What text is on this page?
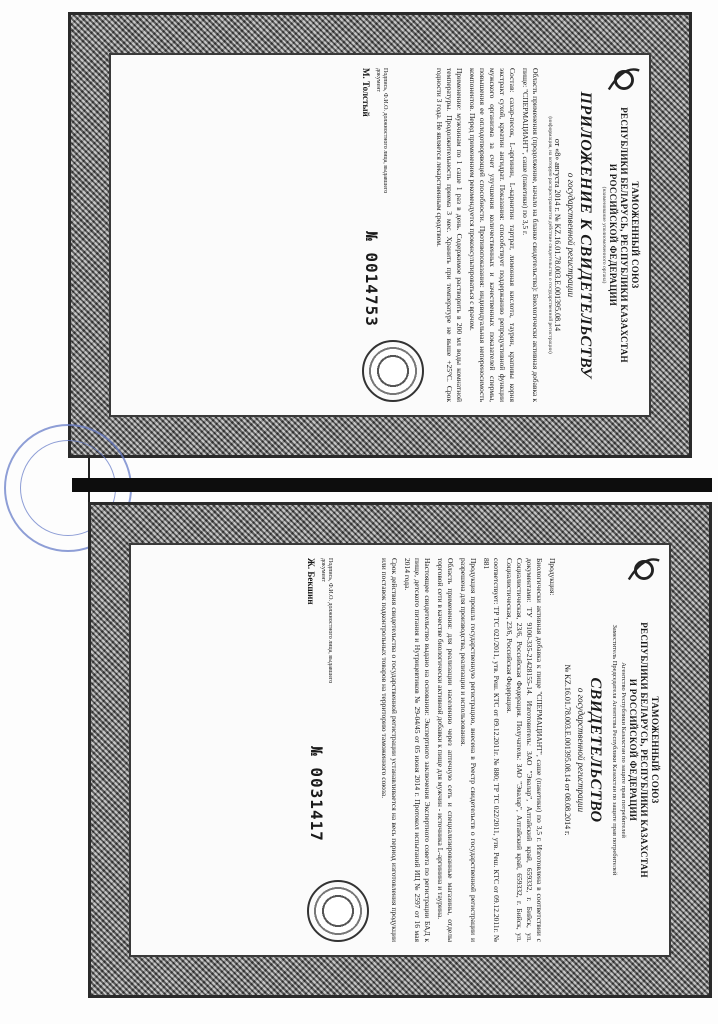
ТАМОЖЕННЫЙ СОЮЗ
РЕСПУБЛИКИ БЕЛАРУСЬ, РЕСПУБЛИКИ КАЗАХСТАН
И РОССИЙСКОЙ ФЕДЕРАЦИИ
(наименование уполномоченного органа)
ПРИЛОЖЕНИЕ К СВИДЕТЕЛЬСТВУ
о государственной регистрации
от «8» августа 2014 г. № KZ.16.01.78.003.Е.001395.08.14
(информация, на которую распространяется действие свидетельства о государственной регистрации)

Область применения (продолжение, начало на бланке свидетельства): Биологически активная добавка к пище: "СПЕРМАЦИАНТ", саше (пакетики) по 3,5 г.

Состав: сахар-песок, L-аргинин, L-карнитин тартрат, лимонная кислота, таурин, крапивы корня экстракт сухой, креатин ангидрат. Показания: способствует поддержанию репродуктивной функции мужского организма за счет улучшения количественных и качественных показателей спермы, повышения ее оплодотворяющей способности. Противопоказания: индивидуальная непереносимость компонентов. Перед применением рекомендуется проконсультироваться с врачом.

Применение: мужчинам по 1 саше 1 раз в день. Содержимое растворить в 200 мл воды комнатной температуры. Продолжительность приема 3 мес. Хранить при температуре не выше +25°С. Срок годности 3 года. Не является лекарственным средством.

Подпись, Ф.И.О. должностного лица, выдавшего документ
М. Толстый
№ 0014753
ТАМОЖЕННЫЙ СОЮЗ
РЕСПУБЛИКИ БЕЛАРУСЬ, РЕСПУБЛИКИ КАЗАХСТАН
И РОССИЙСКОЙ ФЕДЕРАЦИИ
Агентство Республики Казахстан по защите прав потребителей
Заместитель Председателя Агентства Республики Казахстан по защите прав потребителей
СВИДЕТЕЛЬСТВО
о государственной регистрации
№ KZ.16.01.78.003.Е.001395.08.14 от 08.08.2014 г.

Продукция:

Биологически активная добавка к пище "СПЕРМАЦИАНТ", саше (пакетики) по 3,5 г. Изготовлена в соответствии с документами: ТУ 9100-335-21428155-14. Изготовитель: ЗАО "Эвалар", Алтайский край, 659332, г. Бийск, ул. Социалистическая, 23/6, Российская Федерация. Получатель: ЗАО "Эвалар", Алтайский край, 659332, г. Бийск, ул. Социалистическая, 23/6, Российская Федерация.

соответствует: ТР ТС 021/2011, утв. Реш. КТС от 09.12.2011г. № 880; ТР ТС 022/2011, утв. Реш. КТС от 09.12.2011г. № 881

Продукция прошла государственную регистрацию, внесена в Реестр свидетельств о государственной регистрации и разрешена для производства, реализации и использования.

Область применения: для реализации населению через аптечную сеть и специализированные магазины, отделы торговой сети в качестве биологически активной добавки к пище для мужчин - источника L-аргинина и таурина.

Настоящее свидетельство выдано на основании: Экспертного заключения Экспертного совета по регистрации БАД к пище, детского питания и Нутрицевтиков № 29-04/45 от 05 июня 2014 г. Протокол испытаний ИЦ № 2597 от 16 мая 2014 года.

Срок действия свидетельства о государственной регистрации устанавливается на весь период изготовления продукции или поставок подконтрольных товаров на территорию таможенного союза.

Подпись, Ф.И.О. должностного лица, выдавшего документ
Ж. Бекшин
№ 0031417
